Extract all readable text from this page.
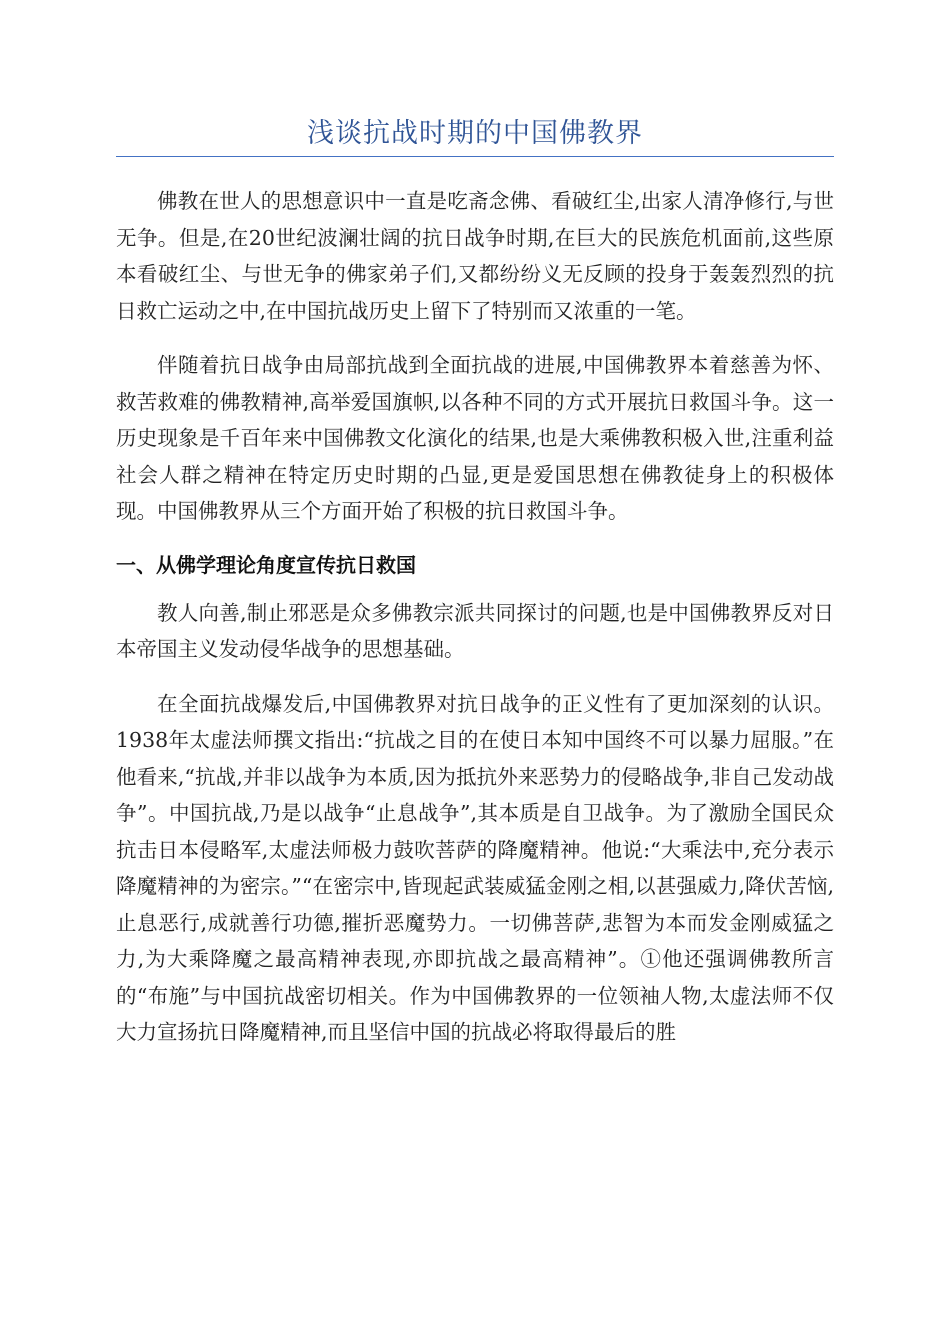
浅谈抗战时期的中国佛教界

佛教在世人的思想意识中一直是吃斋念佛、看破红尘,出家人清净修行,与世无争。但是,在20世纪波澜壮阔的抗日战争时期,在巨大的民族危机面前,这些原本看破红尘、与世无争的佛家弟子们,又都纷纷义无反顾的投身于轰轰烈烈的抗日救亡运动之中,在中国抗战历史上留下了特别而又浓重的一笔。

伴随着抗日战争由局部抗战到全面抗战的进展,中国佛教界本着慈善为怀、救苦救难的佛教精神,高举爱国旗帜,以各种不同的方式开展抗日救国斗争。这一历史现象是千百年来中国佛教文化演化的结果,也是大乘佛教积极入世,注重利益社会人群之精神在特定历史时期的凸显,更是爱国思想在佛教徒身上的积极体现。中国佛教界从三个方面开始了积极的抗日救国斗争。

一、从佛学理论角度宣传抗日救国

教人向善,制止邪恶是众多佛教宗派共同探讨的问题,也是中国佛教界反对日本帝国主义发动侵华战争的思想基础。

在全面抗战爆发后,中国佛教界对抗日战争的正义性有了更加深刻的认识。1938年太虚法师撰文指出:“抗战之目的在使日本知中国终不可以暴力屈服。”在他看来,“抗战,并非以战争为本质,因为抵抗外来恶势力的侵略战争,非自己发动战争”。中国抗战,乃是以战争“止息战争”,其本质是自卫战争。为了激励全国民众抗击日本侵略军,太虚法师极力鼓吹菩萨的降魔精神。他说:“大乘法中,充分表示降魔精神的为密宗。”“在密宗中,皆现起武装威猛金刚之相,以甚强威力,降伏苦恼,止息恶行,成就善行功德,摧折恶魔势力。一切佛菩萨,悲智为本而发金刚威猛之力,为大乘降魔之最高精神表现,亦即抗战之最高精神”。①他还强调佛教所言的“布施”与中国抗战密切相关。作为中国佛教界的一位领袖人物,太虚法师不仅大力宣扬抗日降魔精神,而且坚信中国的抗战必将取得最后的胜
